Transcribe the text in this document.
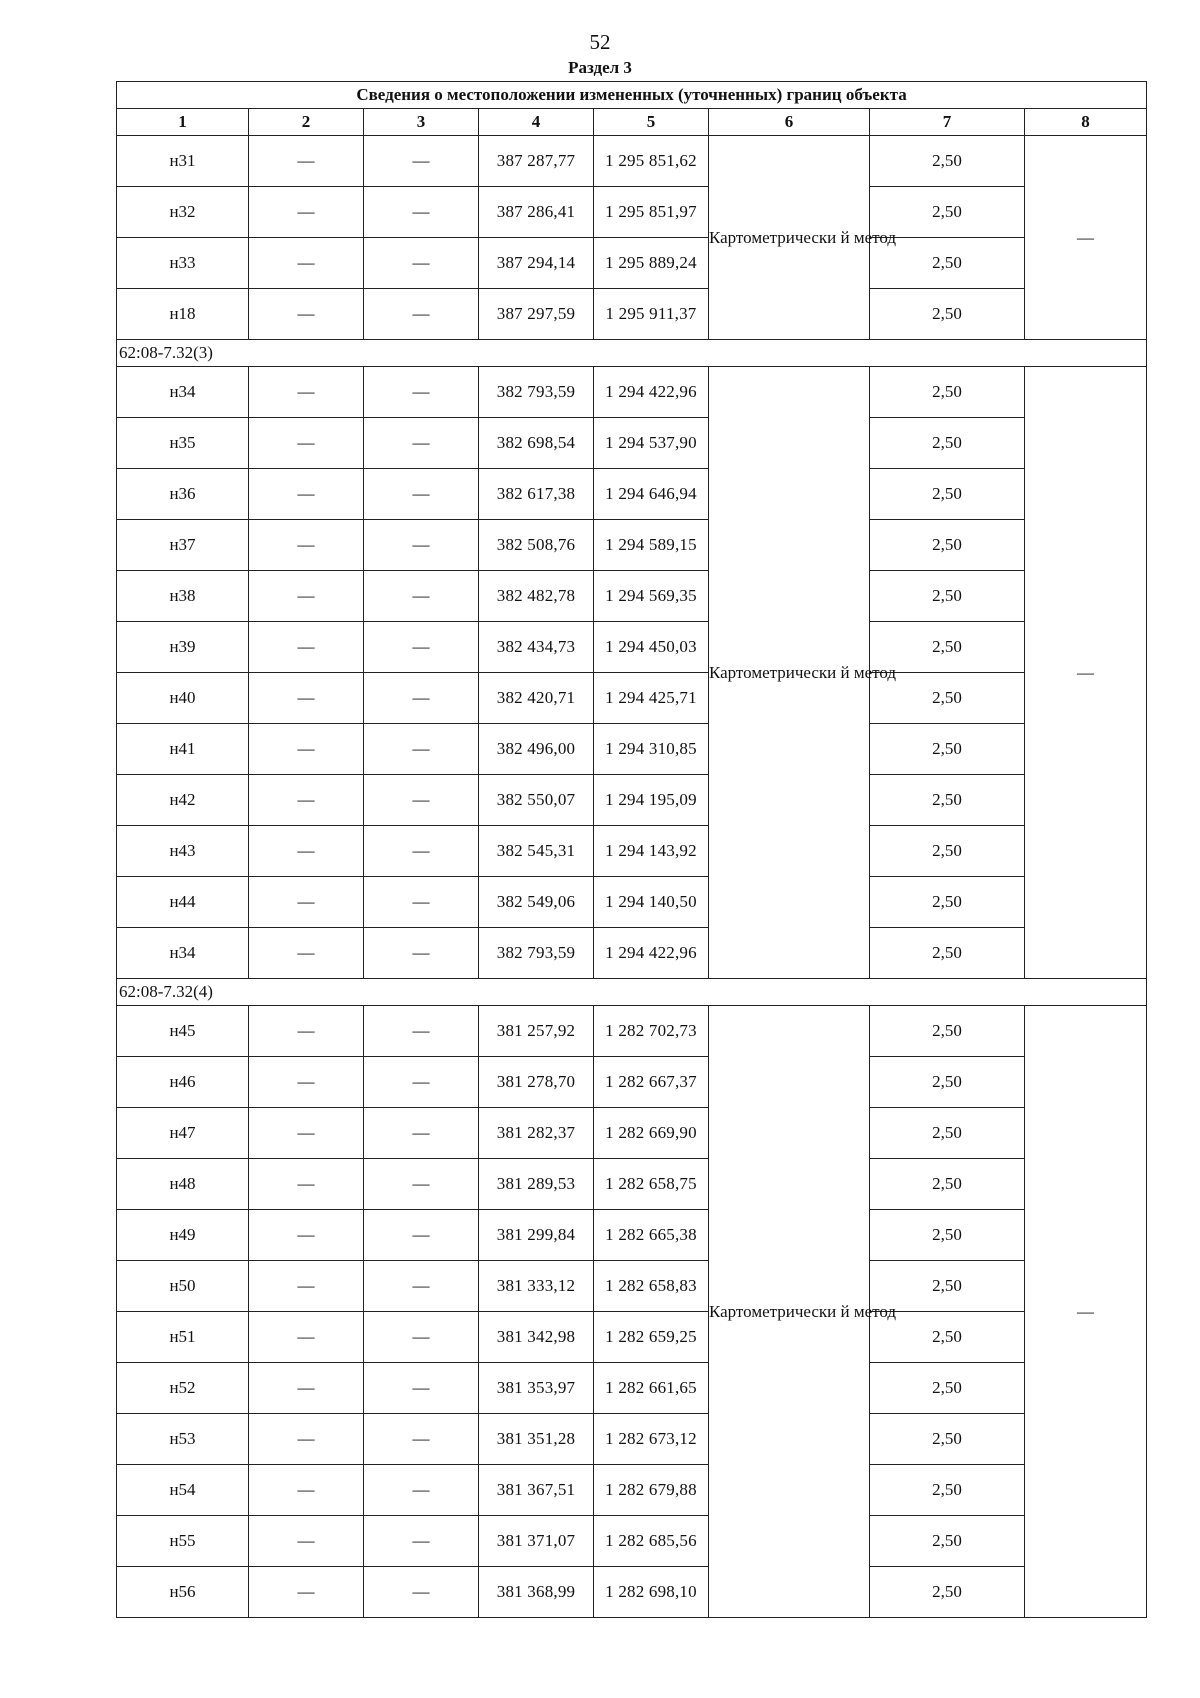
52
Раздел 3
Сведения о местоположении измененных (уточненных) границ объекта							
1	2	3	4	5	6	7	8
н31	—	—	387 287,77	1 295 851,62	Картометрически й метод	2,50	—
н32	—	—	387 286,41	1 295 851,97		2,50	
н33	—	—	387 294,14	1 295 889,24		2,50	
н18	—	—	387 297,59	1 295 911,37		2,50	
62:08-7.32(3)							
н34	—	—	382 793,59	1 294 422,96	Картометрически й метод	2,50	—
н35	—	—	382 698,54	1 294 537,90		2,50	
н36	—	—	382 617,38	1 294 646,94		2,50	
н37	—	—	382 508,76	1 294 589,15		2,50	
н38	—	—	382 482,78	1 294 569,35		2,50	
н39	—	—	382 434,73	1 294 450,03		2,50	
н40	—	—	382 420,71	1 294 425,71		2,50	
н41	—	—	382 496,00	1 294 310,85		2,50	
н42	—	—	382 550,07	1 294 195,09		2,50	
н43	—	—	382 545,31	1 294 143,92		2,50	
н44	—	—	382 549,06	1 294 140,50		2,50	
н34	—	—	382 793,59	1 294 422,96		2,50	
62:08-7.32(4)							
н45	—	—	381 257,92	1 282 702,73	Картометрически й метод	2,50	—
н46	—	—	381 278,70	1 282 667,37		2,50	
н47	—	—	381 282,37	1 282 669,90		2,50	
н48	—	—	381 289,53	1 282 658,75		2,50	
н49	—	—	381 299,84	1 282 665,38		2,50	
н50	—	—	381 333,12	1 282 658,83		2,50	
н51	—	—	381 342,98	1 282 659,25		2,50	
н52	—	—	381 353,97	1 282 661,65		2,50	
н53	—	—	381 351,28	1 282 673,12		2,50	
н54	—	—	381 367,51	1 282 679,88		2,50	
н55	—	—	381 371,07	1 282 685,56		2,50	
н56	—	—	381 368,99	1 282 698,10		2,50	
